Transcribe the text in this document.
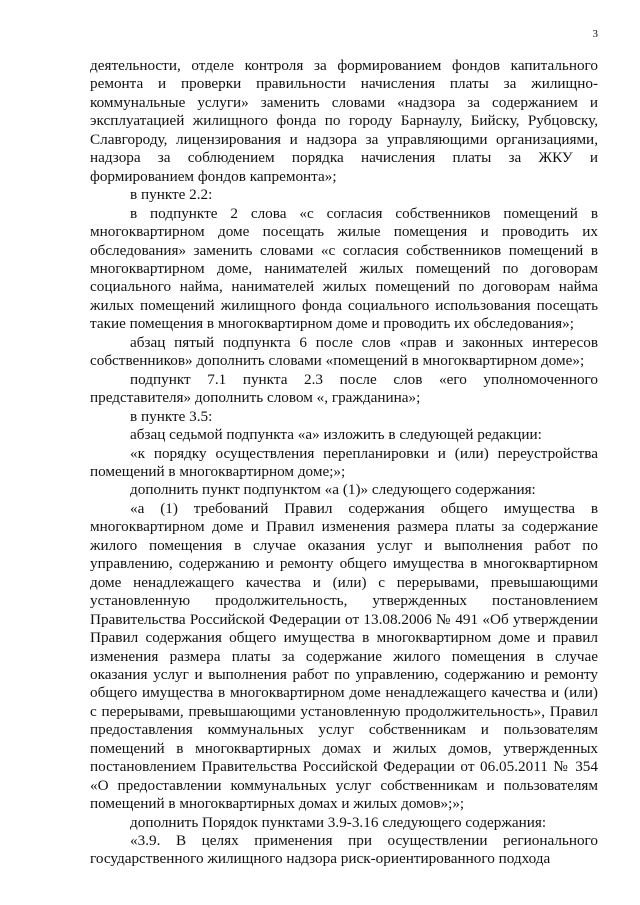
3

деятельности, отделе контроля за формированием фондов капитального ремонта и проверки правильности начисления платы за жилищно-коммунальные услуги» заменить словами «надзора за содержанием и эксплуатацией жилищного фонда по городу Барнаулу, Бийску, Рубцовску, Славгороду, лицензирования и надзора за управляющими организациями, надзора за соблюдением порядка начисления платы за ЖКУ и формированием фондов капремонта»;

в пункте 2.2:

в подпункте 2 слова «с согласия собственников помещений в многоквартирном доме посещать жилые помещения и проводить их обследования» заменить словами «с согласия собственников помещений в многоквартирном доме, нанимателей жилых помещений по договорам социального найма, нанимателей жилых помещений по договорам найма жилых помещений жилищного фонда социального использования посещать такие помещения в многоквартирном доме и проводить их обследования»;

абзац пятый подпункта 6 после слов «прав и законных интересов собственников» дополнить словами «помещений в многоквартирном доме»;

подпункт 7.1 пункта 2.3 после слов «его уполномоченного представителя» дополнить словом «, гражданина»;

в пункте 3.5:

абзац седьмой подпункта «а» изложить в следующей редакции:

«к порядку осуществления перепланировки и (или) переустройства помещений в многоквартирном доме;»;

дополнить пункт подпунктом «а (1)» следующего содержания:

«а (1) требований Правил содержания общего имущества в многоквартирном доме и Правил изменения размера платы за содержание жилого помещения в случае оказания услуг и выполнения работ по управлению, содержанию и ремонту общего имущества в многоквартирном доме ненадлежащего качества и (или) с перерывами, превышающими установленную продолжительность, утвержденных постановлением Правительства Российской Федерации от 13.08.2006 № 491 «Об утверждении Правил содержания общего имущества в многоквартирном доме и правил изменения размера платы за содержание жилого помещения в случае оказания услуг и выполнения работ по управлению, содержанию и ремонту общего имущества в многоквартирном доме ненадлежащего качества и (или) с перерывами, превышающими установленную продолжительность», Правил предоставления коммунальных услуг собственникам и пользователям помещений в многоквартирных домах и жилых домов, утвержденных постановлением Правительства Российской Федерации от 06.05.2011 № 354 «О предоставлении коммунальных услуг собственникам и пользователям помещений в многоквартирных домах и жилых домов»;»;

дополнить Порядок пунктами 3.9-3.16 следующего содержания:

«3.9. В целях применения при осуществлении регионального государственного жилищного надзора риск-ориентированного подхода
